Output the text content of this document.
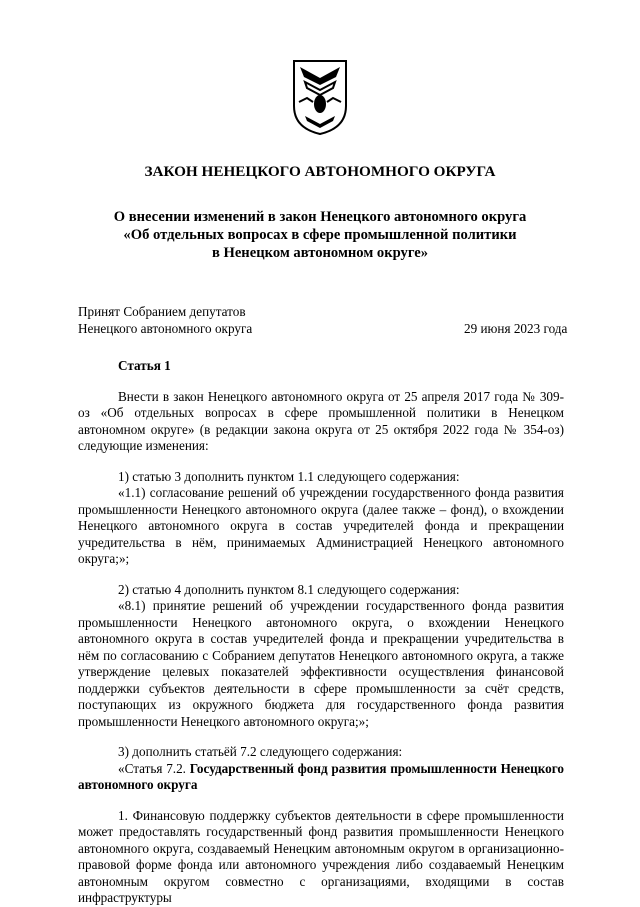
ЗАКОН НЕНЕЦКОГО АВТОНОМНОГО ОКРУГА
О внесении изменений в закон Ненецкого автономного округа
«Об отдельных вопросах в сфере промышленной политики
в Ненецком автономном округе»
Принят Собранием депутатов
Ненецкого автономного округа	29 июня 2023 года

Статья 1

Внести в закон Ненецкого автономного округа от 25 апреля 2017 года № 309-оз «Об отдельных вопросах в сфере промышленной политики в Ненецком автономном округе» (в редакции закона округа от 25 октября 2022 года № 354-оз) следующие изменения:

1) статью 3 дополнить пунктом 1.1 следующего содержания:

«1.1) согласование решений об учреждении государственного фонда развития промышленности Ненецкого автономного округа (далее также – фонд), о вхождении Ненецкого автономного округа в состав учредителей фонда и прекращении учредительства в нём, принимаемых Администрацией Ненецкого автономного округа;»;

2) статью 4 дополнить пунктом 8.1 следующего содержания:

«8.1) принятие решений об учреждении государственного фонда развития промышленности Ненецкого автономного округа, о вхождении Ненецкого автономного округа в состав учредителей фонда и прекращении учредительства в нём по согласованию с Собранием депутатов Ненецкого автономного округа, а также утверждение целевых показателей эффективности осуществления финансовой поддержки субъектов деятельности в сфере промышленности за счёт средств, поступающих из окружного бюджета для государственного фонда развития промышленности Ненецкого автономного округа;»;

3) дополнить статьёй 7.2 следующего содержания:

«Статья 7.2. Государственный фонд развития промышленности Ненецкого автономного округа

1. Финансовую поддержку субъектов деятельности в сфере промышленности может предоставлять государственный фонд развития промышленности Ненецкого автономного округа, создаваемый Ненецким автономным округом в организационно-правовой форме фонда или автономного учреждения либо создаваемый Ненецким автономным округом совместно с организациями, входящими в состав инфраструктуры
